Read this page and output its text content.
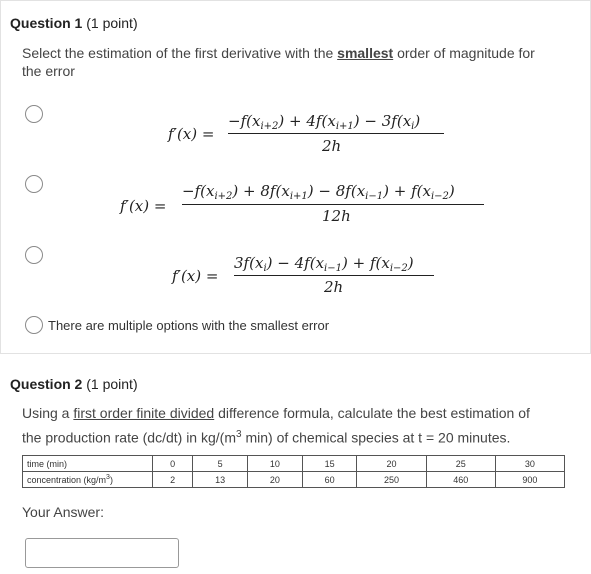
Question 1 (1 point)
Select the estimation of the first derivative with the smallest order of magnitude for
the error
f′(x) =
$-f(x_{i+2}) + 4f(x_{i+1}) - 3f(x_i)$
2h
f′(x) =
$-f(x_{i+2}) + 8f(x_{i+1}) - 8f(x_{i-1}) + f(x_{i-2})$
12h
f′(x) =
$3f(x_i) - 4f(x_{i-1}) + f(x_{i-2})$
2h
There are multiple options with the smallest error
Question 2 (1 point)
Using a first order finite divided difference formula, calculate the best estimation of
the production rate (dc/dt) in $kg/(m^3$ min) of chemical species at t = 20 minutes.
time (min)	0	5	10	15	20	25	30
concentration $(kg/m^3)$	2	13	20	60	250	460	900
Your Answer:
